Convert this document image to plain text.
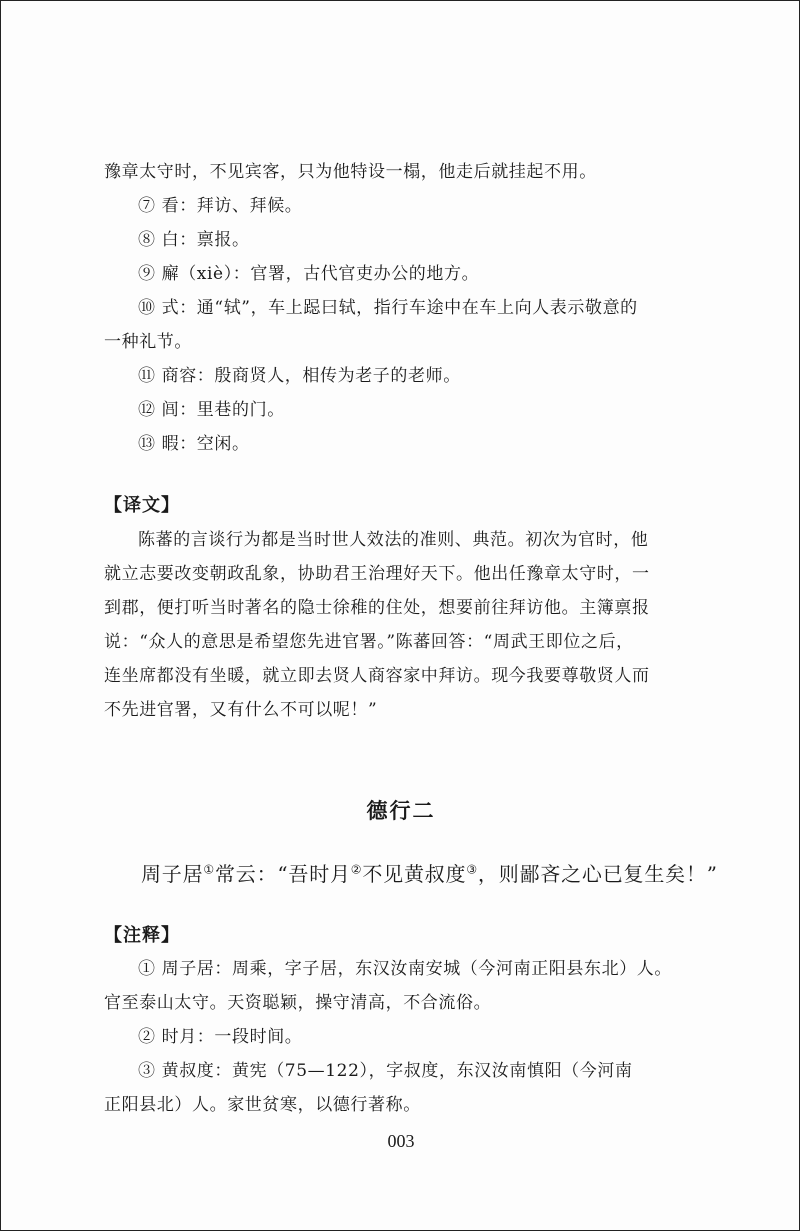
豫章太守时，不见宾客，只为他特设一榻，他走后就挂起不用。
⑦ 看：拜访、拜候。
⑧ 白：禀报。
⑨ 廨（xiè）：官署，古代官吏办公的地方。
⑩ 式：通“轼”，车上跽曰轼，指行车途中在车上向人表示敬意的
一种礼节。
⑪ 商容：殷商贤人，相传为老子的老师。
⑫ 闾：里巷的门。
⑬ 暇：空闲。
【译文】
陈蕃的言谈行为都是当时世人效法的准则、典范。初次为官时，他
就立志要改变朝政乱象，协助君王治理好天下。他出任豫章太守时，一
到郡，便打听当时著名的隐士徐稚的住处，想要前往拜访他。主簿禀报
说：“众人的意思是希望您先进官署。”陈蕃回答：“周武王即位之后，
连坐席都没有坐暖，就立即去贤人商容家中拜访。现今我要尊敬贤人而
不先进官署，又有什么不可以呢！”
德行二
周子居①常云：“吾时月②不见黄叔度③，则鄙吝之心已复生矣！”
【注释】
① 周子居：周乘，字子居，东汉汝南安城（今河南正阳县东北）人。
官至泰山太守。天资聪颖，操守清高，不合流俗。
② 时月：一段时间。
③ 黄叔度：黄宪（75—122），字叔度，东汉汝南慎阳（今河南
正阳县北）人。家世贫寒，以德行著称。
003
